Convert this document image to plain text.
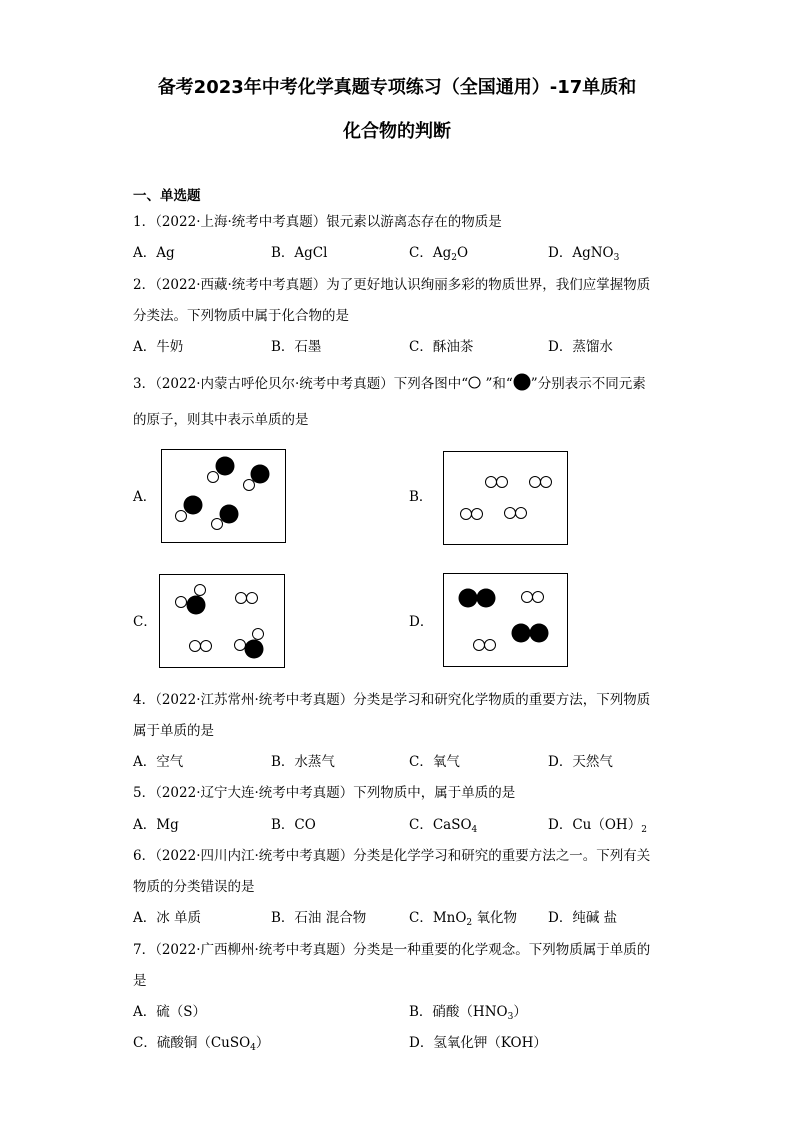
备考2023年中考化学真题专项练习（全国通用）-17单质和
化合物的判断
一、单选题
1．（2022·上海·统考中考真题）银元素以游离态存在的物质是
A．Ag	B．AgCl	C．$Ag_2O$	D．AgNO$_3$
2．（2022·西藏·统考中考真题）为了更好地认识绚丽多彩的物质世界，我们应掌握物质
分类法。下列物质中属于化合物的是
A．牛奶	B．石墨	C．酥油茶	D．蒸馏水
3．（2022·内蒙古呼伦贝尔·统考中考真题）下列各图中“ ”和“ ”分别表示不同元素
的原子，则其中表示单质的是
A．	B．
C．	D．
4．（2022·江苏常州·统考中考真题）分类是学习和研究化学物质的重要方法，下列物质
属于单质的是
A．空气	B．水蒸气	C．氧气	D．天然气
5．（2022·辽宁大连·统考中考真题）下列物质中，属于单质的是
A．Mg	B．CO	C．CaSO$_4$	D．$Cu(OH)_2$
6．（2022·四川内江·统考中考真题）分类是化学学习和研究的重要方法之一。下列有关
物质的分类错误的是
A．冰 单质	B．石油 混合物	C．MnO$_2$ 氧化物 D．纯碱 盐
7．（2022·广西柳州·统考中考真题）分类是一种重要的化学观念。下列物质属于单质的
是
A．硫（S）	B．硝酸$(HNO_3)$
C．硫酸铜（CuSO$_4$）	D．氢氧化钾（KOH）
